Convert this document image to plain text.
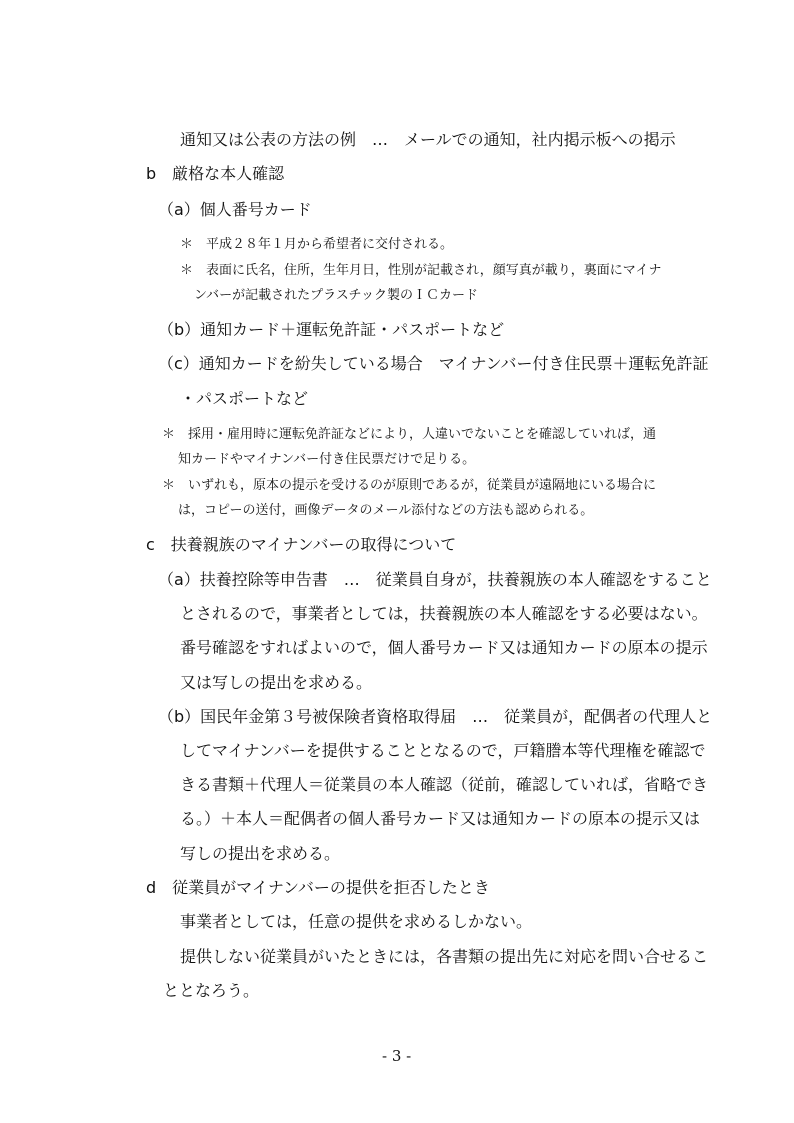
通知又は公表の方法の例　…　メールでの通知，社内掲示板への掲示
b　厳格な本人確認
（a）個人番号カード
＊　平成２８年１月から希望者に交付される。
＊　表面に氏名，住所，生年月日，性別が記載され，顔写真が載り，裏面にマイナ
ンバーが記載されたプラスチック製のＩＣカード
（b）通知カード＋運転免許証・パスポートなど
（c）通知カードを紛失している場合　マイナンバー付き住民票＋運転免許証
・パスポートなど
＊　採用・雇用時に運転免許証などにより，人違いでないことを確認していれば，通
知カードやマイナンバー付き住民票だけで足りる。
＊　いずれも，原本の提示を受けるのが原則であるが，従業員が遠隔地にいる場合に
は，コピーの送付，画像データのメール添付などの方法も認められる。
c　扶養親族のマイナンバーの取得について
（a）扶養控除等申告書　…　従業員自身が，扶養親族の本人確認をすること
とされるので，事業者としては，扶養親族の本人確認をする必要はない。
番号確認をすればよいので，個人番号カード又は通知カードの原本の提示
又は写しの提出を求める。
（b）国民年金第３号被保険者資格取得届　…　従業員が，配偶者の代理人と
してマイナンバーを提供することとなるので，戸籍謄本等代理権を確認で
きる書類＋代理人＝従業員の本人確認（従前，確認していれば，省略でき
る。）＋本人＝配偶者の個人番号カード又は通知カードの原本の提示又は
写しの提出を求める。
d　従業員がマイナンバーの提供を拒否したとき
事業者としては，任意の提供を求めるしかない。
提供しない従業員がいたときには，各書類の提出先に対応を問い合せるこ
ととなろう。
- 3 -
